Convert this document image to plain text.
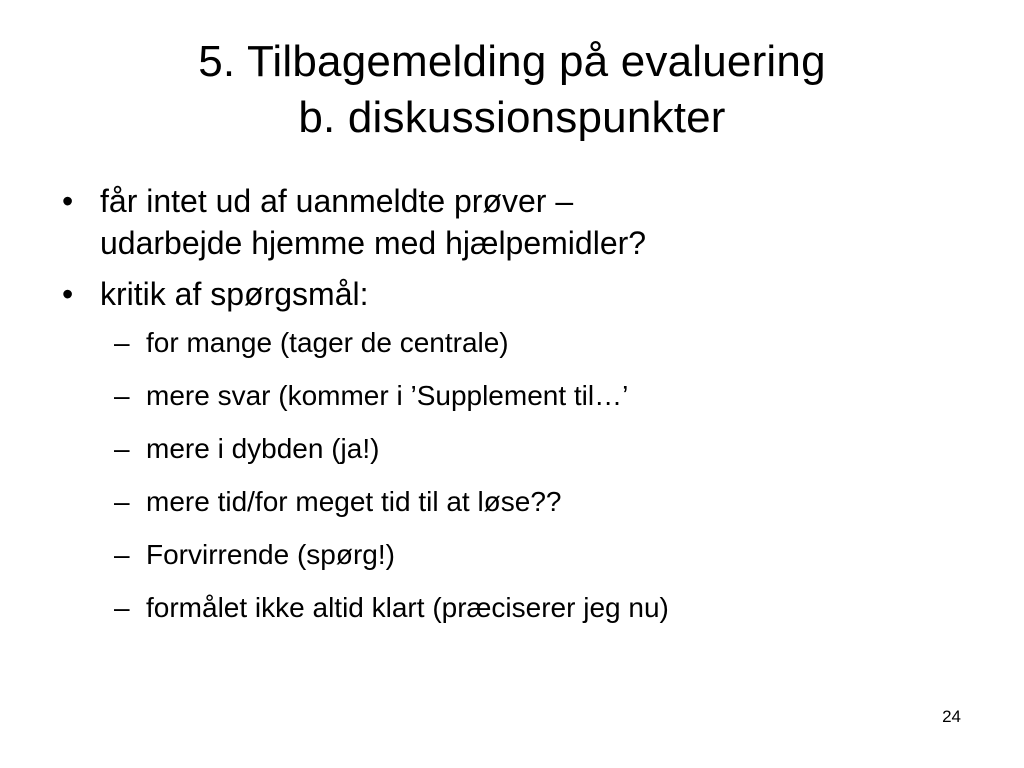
5. Tilbagemelding på evaluering
b. diskussionspunkter
• får intet ud af uanmeldte prøver –
udarbejde hjemme med hjælpemidler?
• kritik af spørgsmål:
– for mange (tager de centrale)
– mere svar (kommer i ’Supplement til…’
– mere i dybden (ja!)
– mere tid/for meget tid til at løse??
– Forvirrende (spørg!)
– formålet ikke altid klart (præciserer jeg nu)
24
